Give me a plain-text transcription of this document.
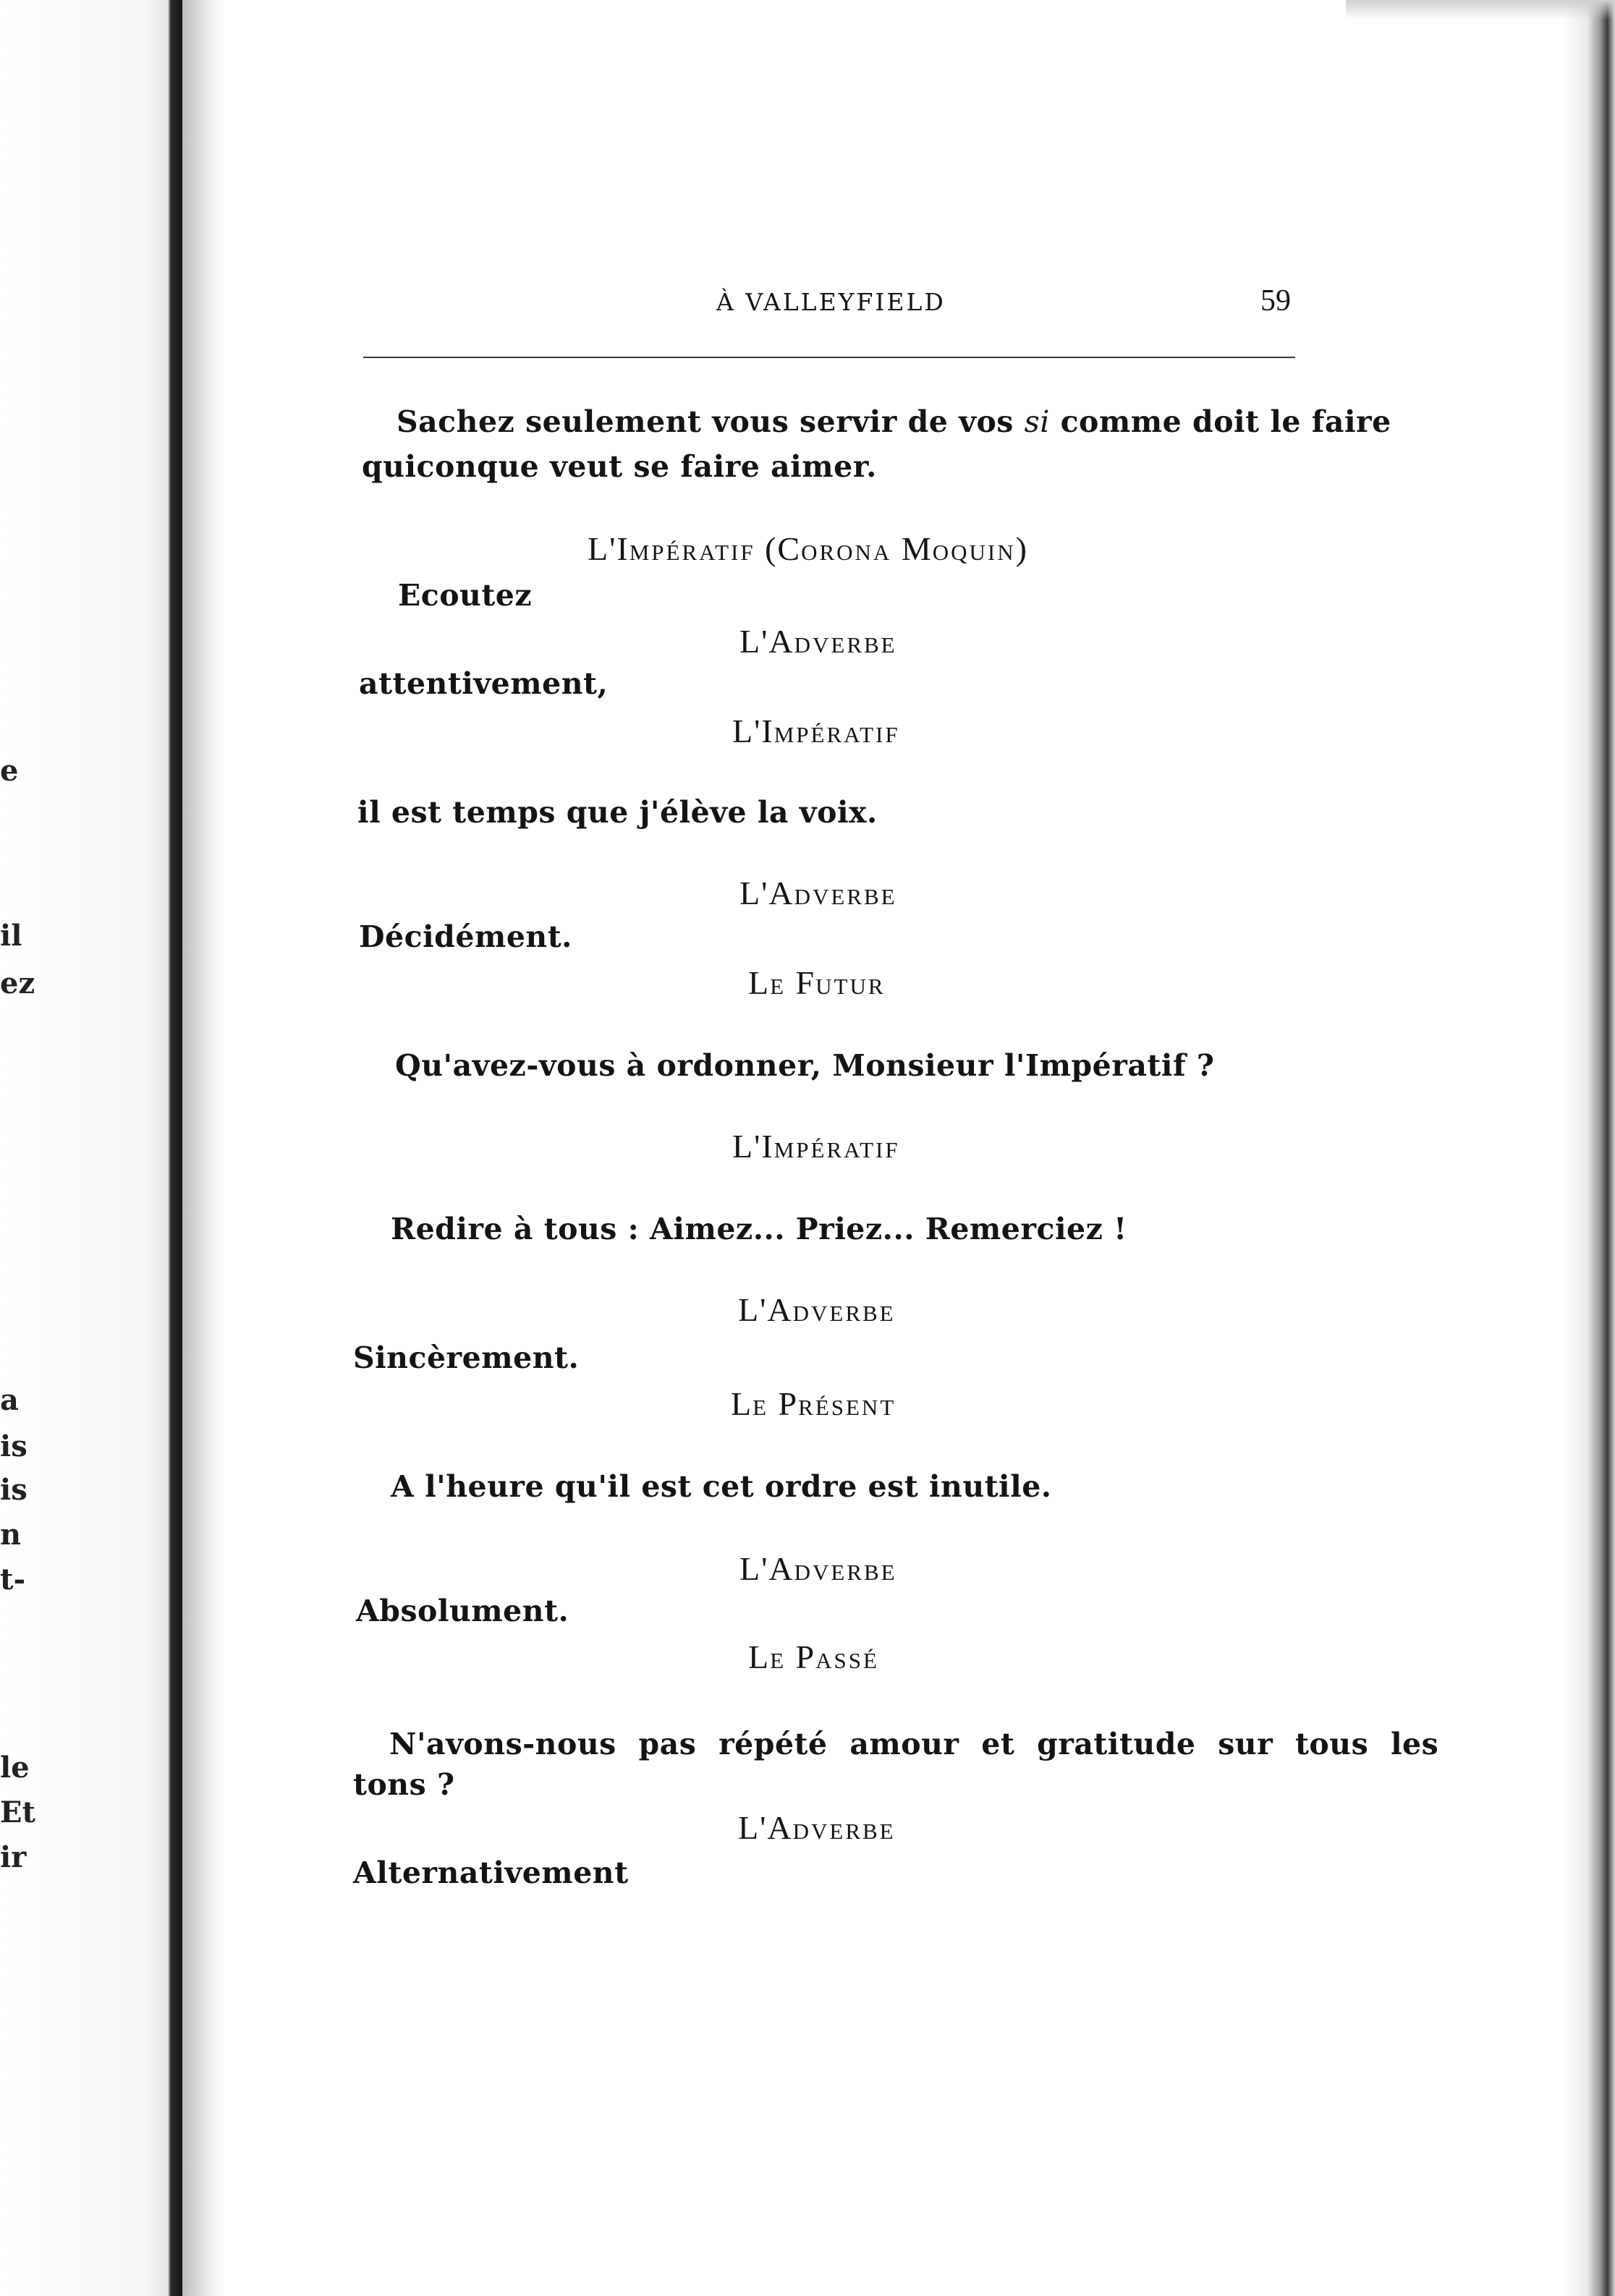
e
il
ez
a
is
is
n
t-
le
Et
ir
À VALLEYFIELD	59
Sachez seulement vous servir de vos si comme doit le faire
quiconque veut se faire aimer.
L'IMPÉRATIF (CORONA MOQUIN)
Ecoutez
L'ADVERBE
attentivement,
L'IMPÉRATIF
il est temps que j'élève la voix.
L'ADVERBE
Décidément.
LE FUTUR
Qu'avez-vous à ordonner, Monsieur l'Impératif ?
L'IMPÉRATIF
Redire à tous : Aimez... Priez... Remerciez !
L'ADVERBE
Sincèrement.
LE PRÉSENT
A l'heure qu'il est cet ordre est inutile.
L'ADVERBE
Absolument.
LE PASSÉ
N'avons-nous pas répété amour et gratitude sur tous les
tons ?
L'ADVERBE
Alternativement
